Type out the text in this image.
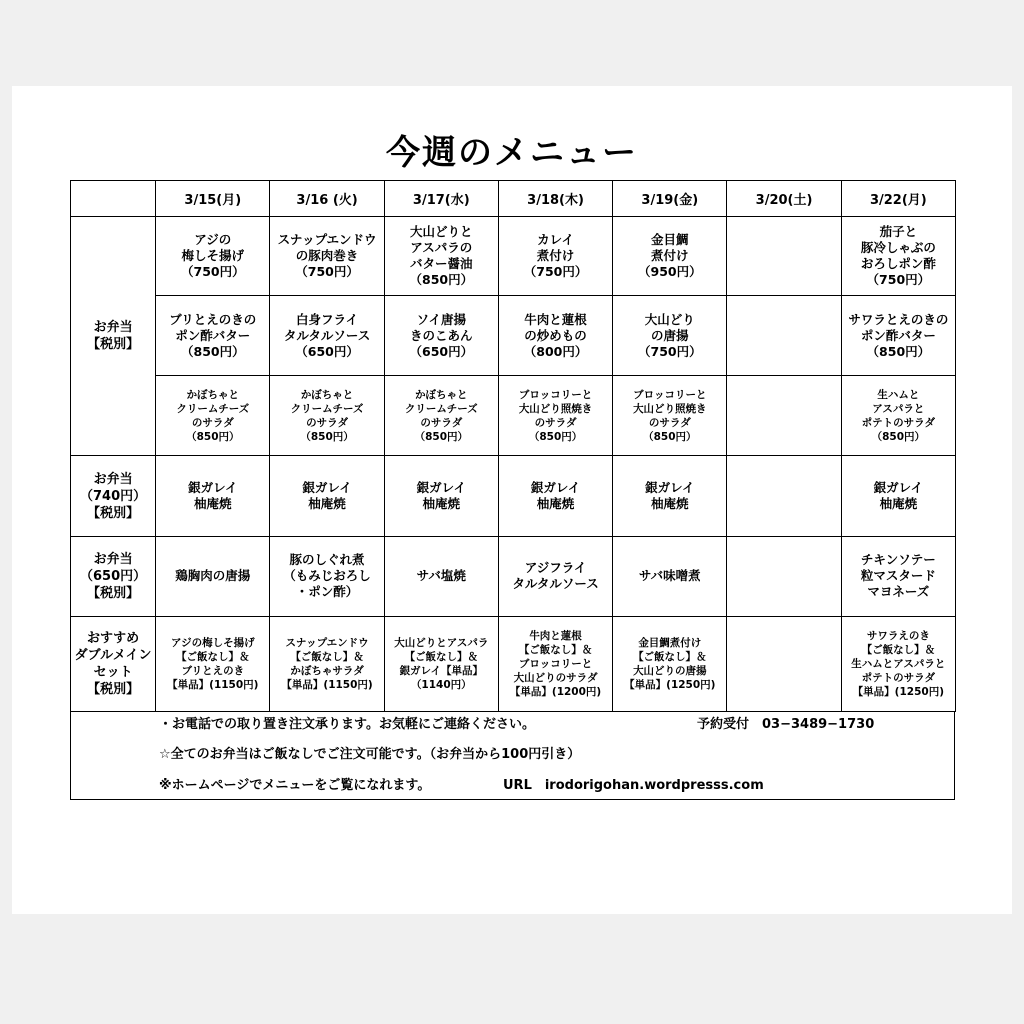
今週のメニュー
	3/15(月)	3/16 (火)	3/17(水)	3/18(木)	3/19(金)	3/20(土)	3/22(月)

お弁当
【税別】	アジの
梅しそ揚げ
（750円）	スナップエンドウ
の豚肉巻き
（750円）	大山どりと
アスパラの
バター醤油
（850円）	カレイ
煮付け
（750円）	金目鯛
煮付け
（950円）		茄子と
豚冷しゃぶの
おろしポン酢
（750円）

	ブリとえのきの
ポン酢バター
（850円）	白身フライ
タルタルソース
（650円）	ソイ唐揚
きのこあん
（650円）	牛肉と蓮根
の炒めもの
（800円）	大山どり
の唐揚
（750円）		サワラとえのきの
ポン酢バター
（850円）

	かぼちゃと
クリームチーズ
のサラダ
（850円）	かぼちゃと
クリームチーズ
のサラダ
（850円）	かぼちゃと
クリームチーズ
のサラダ
（850円）	ブロッコリーと
大山どり照焼き
のサラダ
（850円）	ブロッコリーと
大山どり照焼き
のサラダ
（850円）		生ハムと
アスパラと
ポテトのサラダ
（850円）

お弁当
（740円）
【税別】	銀ガレイ
柚庵焼	銀ガレイ
柚庵焼	銀ガレイ
柚庵焼	銀ガレイ
柚庵焼	銀ガレイ
柚庵焼		銀ガレイ
柚庵焼

お弁当
（650円）
【税別】	鶏胸肉の唐揚	豚のしぐれ煮
（もみじおろし
・ポン酢）	サバ塩焼	アジフライ
タルタルソース	サバ味噌煮		チキンソテー
粒マスタード
マヨネーズ

おすすめ
ダブルメイン
セット
【税別】	アジの梅しそ揚げ
【ご飯なし】＆
ブリとえのき
【単品】(1150円)	スナップエンドウ
【ご飯なし】＆
かぼちゃサラダ
【単品】(1150円)	大山どりとアスパラ
【ご飯なし】＆
銀ガレイ【単品】
（1140円）	牛肉と蓮根
【ご飯なし】＆
ブロッコリーと
大山どりのサラダ
【単品】(1200円)	金目鯛煮付け
【ご飯なし】＆
大山どりの唐揚
【単品】(1250円)		サワラえのき
【ご飯なし】＆
生ハムとアスパラと
ポテトのサラダ
【単品】(1250円)
・お電話での取り置き注文承ります。お気軽にご連絡ください。	予約受付　03−3489−1730
☆全てのお弁当はご飯なしでご注文可能です。（お弁当から100円引き）
※ホームページでメニューをご覧になれます。	URL　irodorigohan.wordpresss.com
